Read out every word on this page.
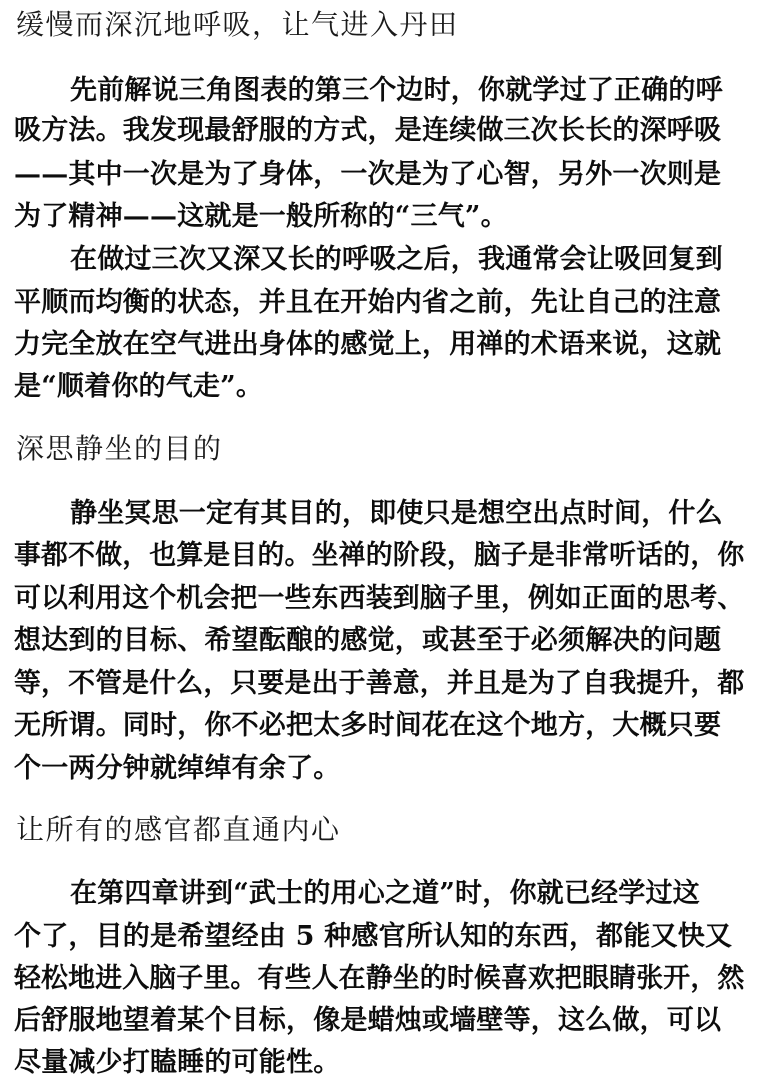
缓慢而深沉地呼吸，让气进入丹田
先前解说三角图表的第三个边时，你就学过了正确的呼
吸方法。我发现最舒服的方式，是连续做三次长长的深呼吸
——其中一次是为了身体，一次是为了心智，另外一次则是
为了精神——这就是一般所称的“三气”。
在做过三次又深又长的呼吸之后，我通常会让吸回复到
平顺而均衡的状态，并且在开始内省之前，先让自己的注意
力完全放在空气进出身体的感觉上，用禅的术语来说，这就
是“顺着你的气走”。
深思静坐的目的
静坐冥思一定有其目的，即使只是想空出点时间，什么
事都不做，也算是目的。坐禅的阶段，脑子是非常听话的，你
可以利用这个机会把一些东西装到脑子里，例如正面的思考、
想达到的目标、希望酝酿的感觉，或甚至于必须解决的问题
等，不管是什么，只要是出于善意，并且是为了自我提升，都
无所谓。同时，你不必把太多时间花在这个地方，大概只要
个一两分钟就绰绰有余了。
让所有的感官都直通内心
在第四章讲到“武士的用心之道”时，你就已经学过这
个了，目的是希望经由 5 种感官所认知的东西，都能又快又
轻松地进入脑子里。有些人在静坐的时候喜欢把眼睛张开，然
后舒服地望着某个目标，像是蜡烛或墙壁等，这么做，可以
尽量减少打瞌睡的可能性。
